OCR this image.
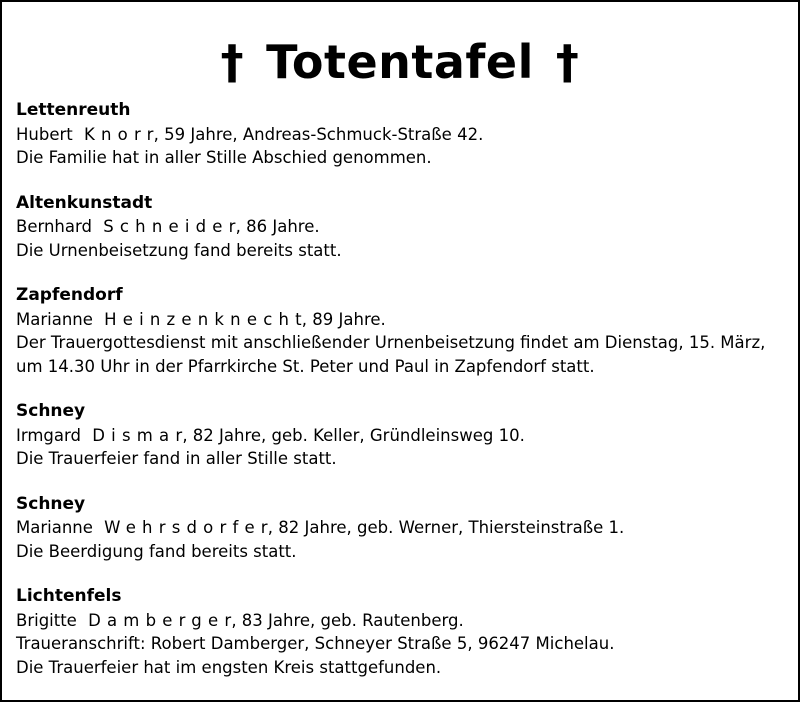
† Totentafel †
Lettenreuth
Hubert Knorr, 59 Jahre, Andreas-Schmuck-Straße 42.
Die Familie hat in aller Stille Abschied genommen.
Altenkunstadt
Bernhard Schneider, 86 Jahre.
Die Urnenbeisetzung fand bereits statt.
Zapfendorf
Marianne Heinzenknecht, 89 Jahre.
Der Trauergottesdienst mit anschließender Urnenbeisetzung findet am Dienstag, 15. März,
um 14.30 Uhr in der Pfarrkirche St. Peter und Paul in Zapfendorf statt.
Schney
Irmgard Dismar, 82 Jahre, geb. Keller, Gründleinsweg 10.
Die Trauerfeier fand in aller Stille statt.
Schney
Marianne Wehrsdorfer, 82 Jahre, geb. Werner, Thiersteinstraße 1.
Die Beerdigung fand bereits statt.
Lichtenfels
Brigitte Damberger, 83 Jahre, geb. Rautenberg.
Traueranschrift: Robert Damberger, Schneyer Straße 5, 96247 Michelau.
Die Trauerfeier hat im engsten Kreis stattgefunden.
